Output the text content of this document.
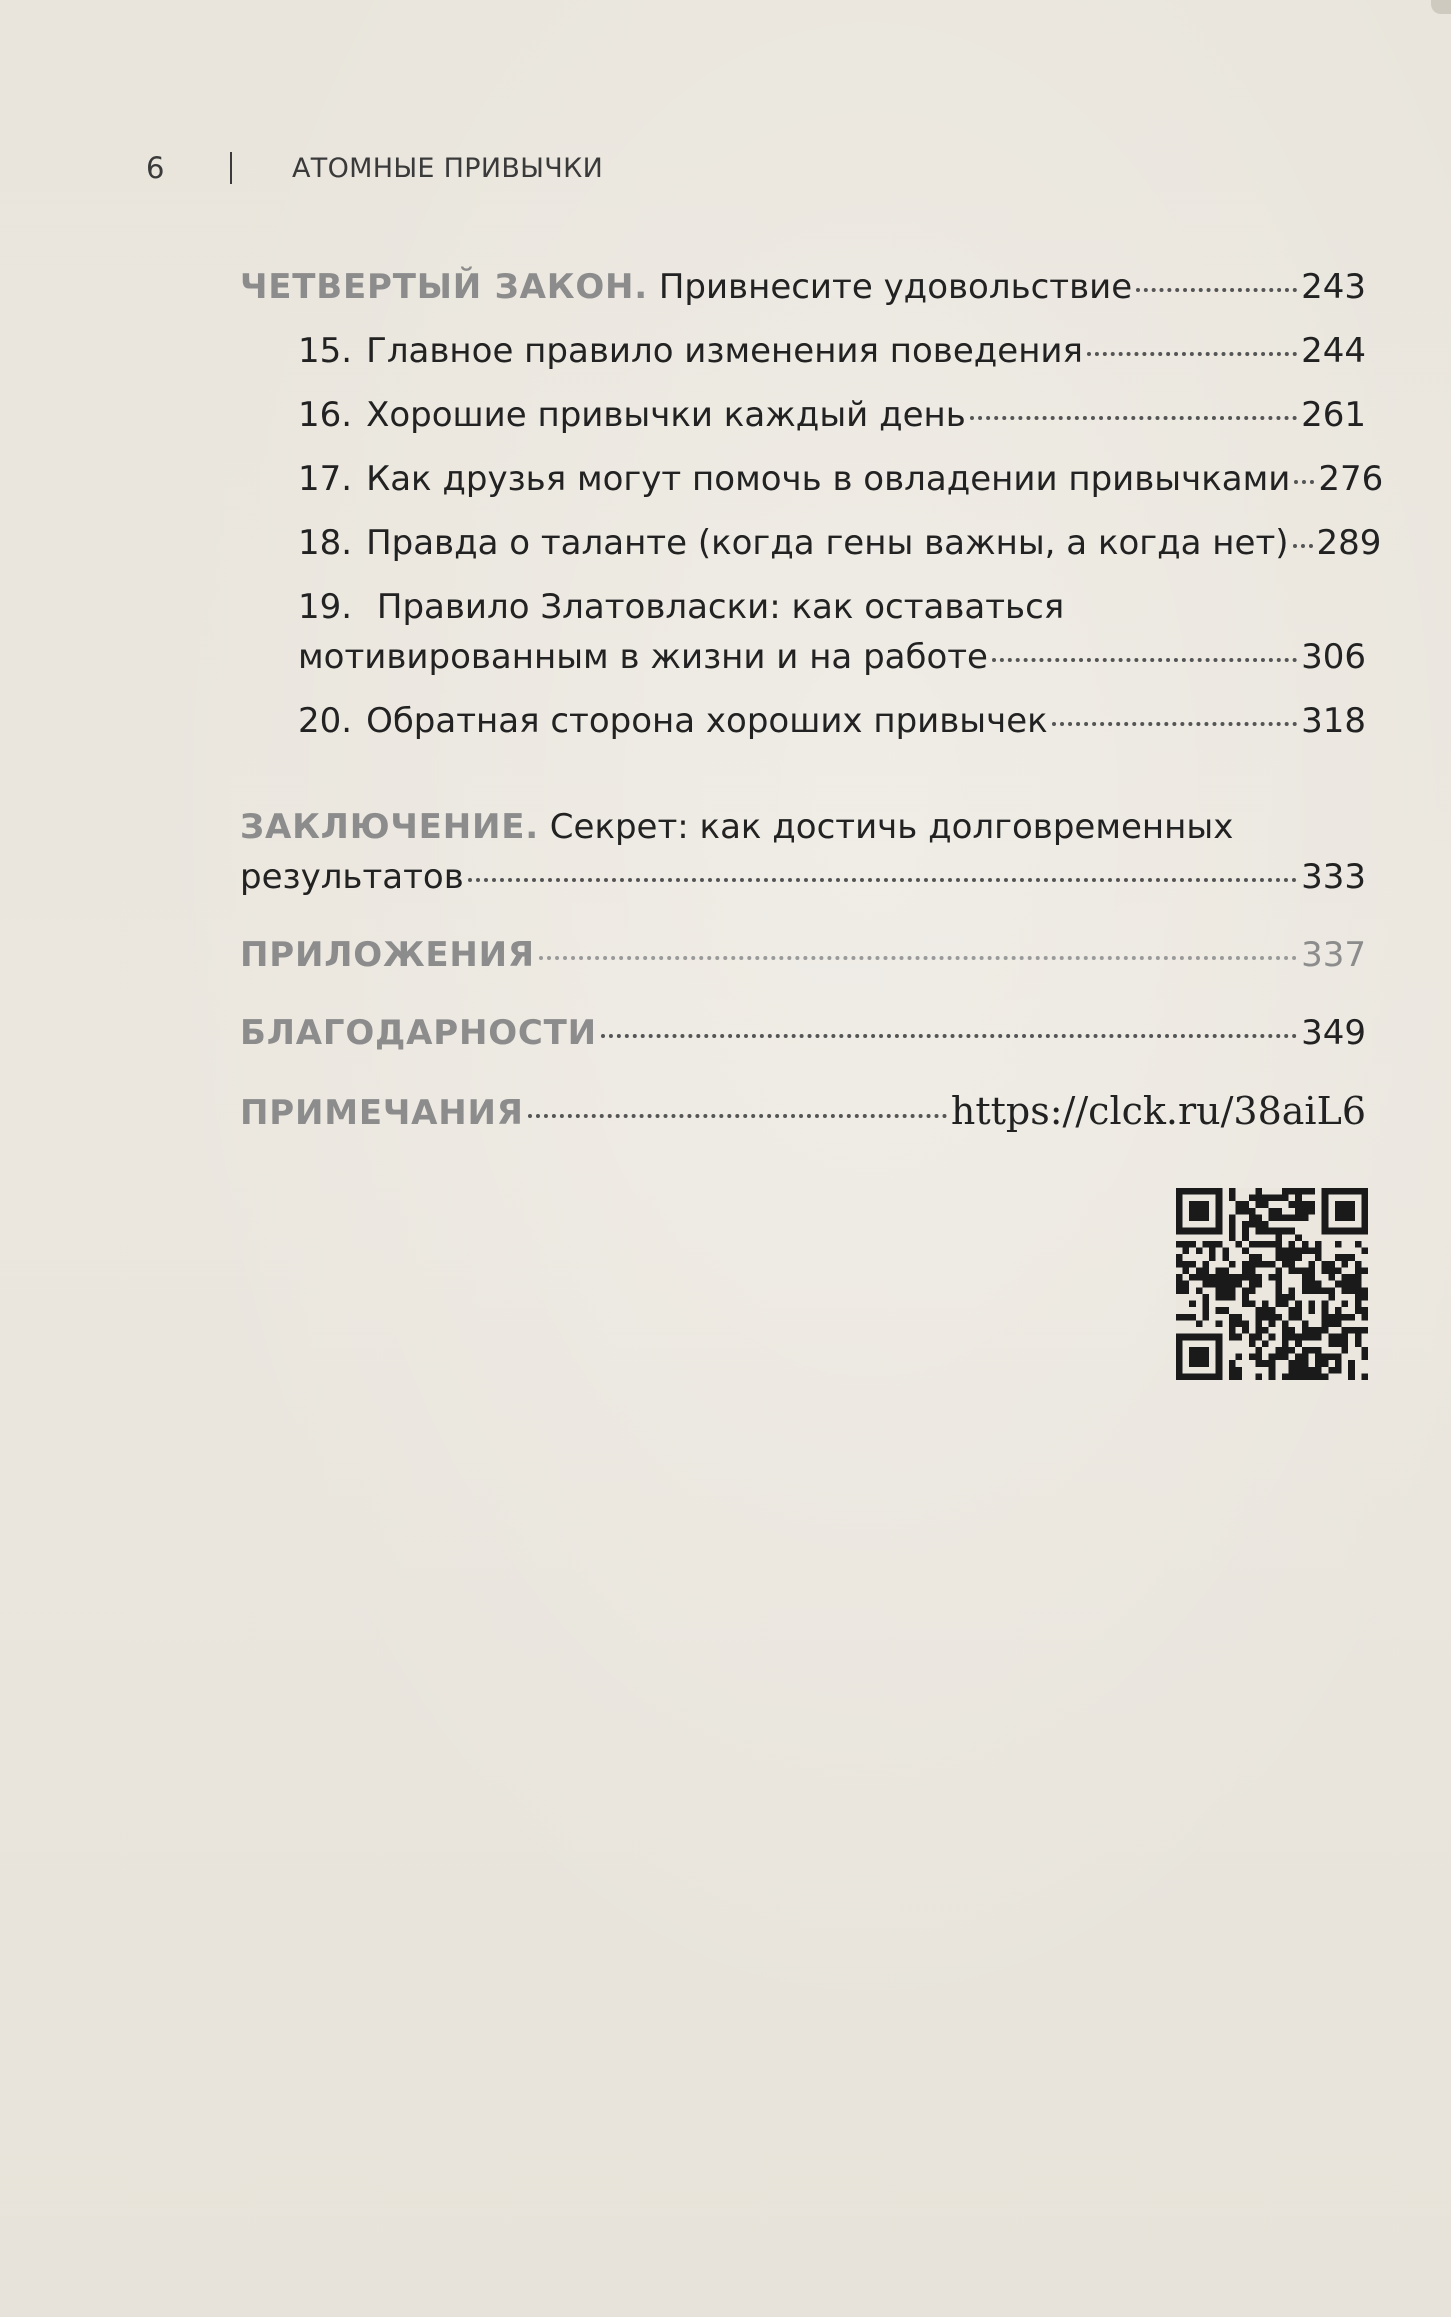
6	АТОМНЫЕ ПРИВЫЧКИ
ЧЕТВЕРТЫЙ ЗАКОН.
Привнесите удовольствие	243
15. Главное правило изменения поведения	244
16. Хорошие привычки каждый день	261
17. Как друзья могут помочь в овладении привычками 276
18. Правда о таланте (когда гены важны, а когда нет) 289
19. Правило Златовласки: как оставаться
мотивированным в жизни и на работе	306
20. Обратная сторона хороших привычек	318
ЗАКЛЮЧЕНИЕ. Секрет: как достичь долговременных
результатов	333
ПРИЛОЖЕНИЯ	337
БЛАГОДАРНОСТИ	349
ПРИМЕЧАНИЯ	https://clck.ru/38aiL6
